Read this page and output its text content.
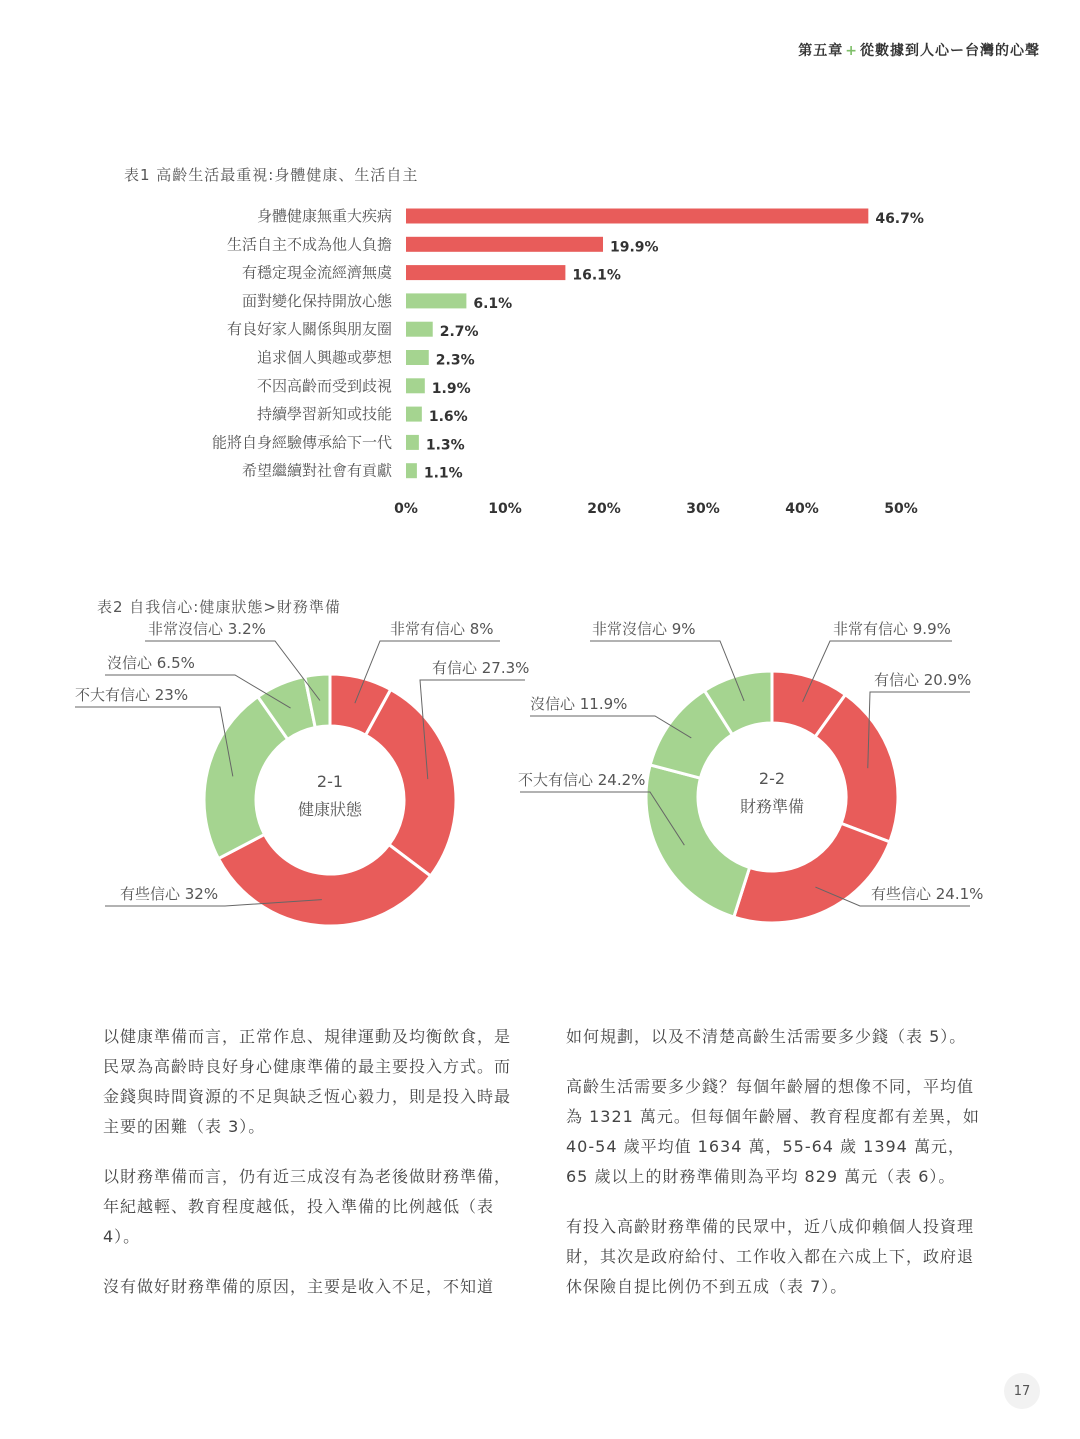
第五章 + 從數據到人心ー台灣的心聲
表1 高齡生活最重視:身體健康、生活自主
表2 自我信心:健康狀態>財務準備
身體健康無重大疾病	46.7%
生活自主不成為他人負擔	19.9%
有穩定現金流經濟無虞	16.1%
面對變化保持開放心態	6.1%
有良好家人關係與朋友圈	2.7%
追求個人興趣或夢想	2.3%
不因高齡而受到歧視	1.9%
持續學習新知或技能	1.6%
能將自身經驗傳承給下一代 1.3%
希望繼續對社會有貢獻 1.1%
0%	10%	20%	30%	40%	50%
非常有信心 8%
有信心 27.3%
有些信心 32%
不大有信心 23%
沒信心 6.5%
非常沒信心 3.2%
2-1
健康狀態
非常有信心 9.9%
有信心 20.9%
有些信心 24.1%
不大有信心 24.2%
沒信心 11.9%
非常沒信心 9%
2-2
財務準備

以健康準備而言，正常作息、規律運動及均衡飲食，是民眾為高齡時良好身心健康準備的最主要投入方式。而金錢與時間資源的不足與缺乏恆心毅力，則是投入時最主要的困難（表 3）。

以財務準備而言，仍有近三成沒有為老後做財務準備，年紀越輕、教育程度越低，投入準備的比例越低（表 4）。

沒有做好財務準備的原因，主要是收入不足，不知道

如何規劃，以及不清楚高齡生活需要多少錢（表 5）。

高齡生活需要多少錢？每個年齡層的想像不同，平均值為 1321 萬元。但每個年齡層、教育程度都有差異，如 40-54 歲平均值 1634 萬，55-64 歲 1394 萬元，65 歲以上的財務準備則為平均 829 萬元（表 6）。

有投入高齡財務準備的民眾中，近八成仰賴個人投資理財，其次是政府給付、工作收入都在六成上下，政府退休保險自提比例仍不到五成（表 7）。

17
